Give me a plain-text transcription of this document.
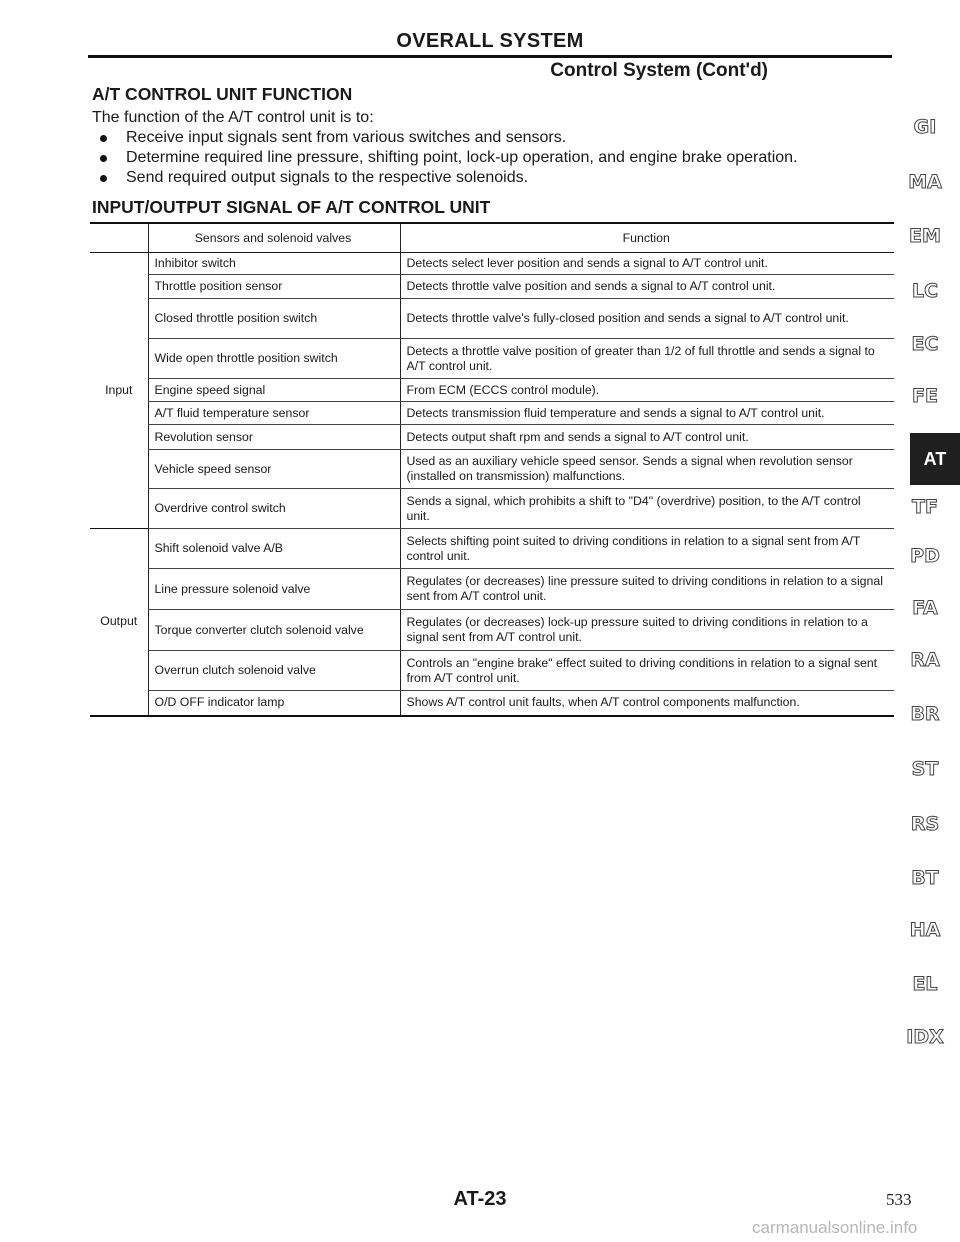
OVERALL SYSTEM
Control System (Cont'd)
A/T CONTROL UNIT FUNCTION
The function of the A/T control unit is to:
Receive input signals sent from various switches and sensors.
Determine required line pressure, shifting point, lock-up operation, and engine brake operation.
Send required output signals to the respective solenoids.
INPUT/OUTPUT SIGNAL OF A/T CONTROL UNIT
	Sensors and solenoid valves	Function
Input	Inhibitor switch	Detects select lever position and sends a signal to A/T control unit.
	Throttle position sensor	Detects throttle valve position and sends a signal to A/T control unit.
	Closed throttle position switch	Detects throttle valve's fully-closed position and sends a signal to A/T control unit.
	Wide open throttle position switch	Detects a throttle valve position of greater than 1/2 of full throttle and sends a signal to A/T control unit.
	Engine speed signal	From ECM (ECCS control module).
	A/T fluid temperature sensor	Detects transmission fluid temperature and sends a signal to A/T control unit.
	Revolution sensor	Detects output shaft rpm and sends a signal to A/T control unit.
	Vehicle speed sensor	Used as an auxiliary vehicle speed sensor. Sends a signal when revolution sensor (installed on transmission) malfunctions.
	Overdrive control switch	Sends a signal, which prohibits a shift to "D4" (overdrive) position, to the A/T control unit.
Output	Shift solenoid valve A/B	Selects shifting point suited to driving conditions in relation to a signal sent from A/T control unit.
	Line pressure solenoid valve	Regulates (or decreases) line pressure suited to driving conditions in relation to a signal sent from A/T control unit.
	Torque converter clutch solenoid valve	Regulates (or decreases) lock-up pressure suited to driving conditions in relation to a signal sent from A/T control unit.
	Overrun clutch solenoid valve	Controls an "engine brake" effect suited to driving conditions in relation to a signal sent from A/T control unit.
	O/D OFF indicator lamp	Shows A/T control unit faults, when A/T control components malfunction.
GI
MA
EM
LC
EC
FE
AT
TF
PD
FA
RA
BR
ST
RS
BT
HA
EL
IDX
AT-23	533
carmanualsonline.info
